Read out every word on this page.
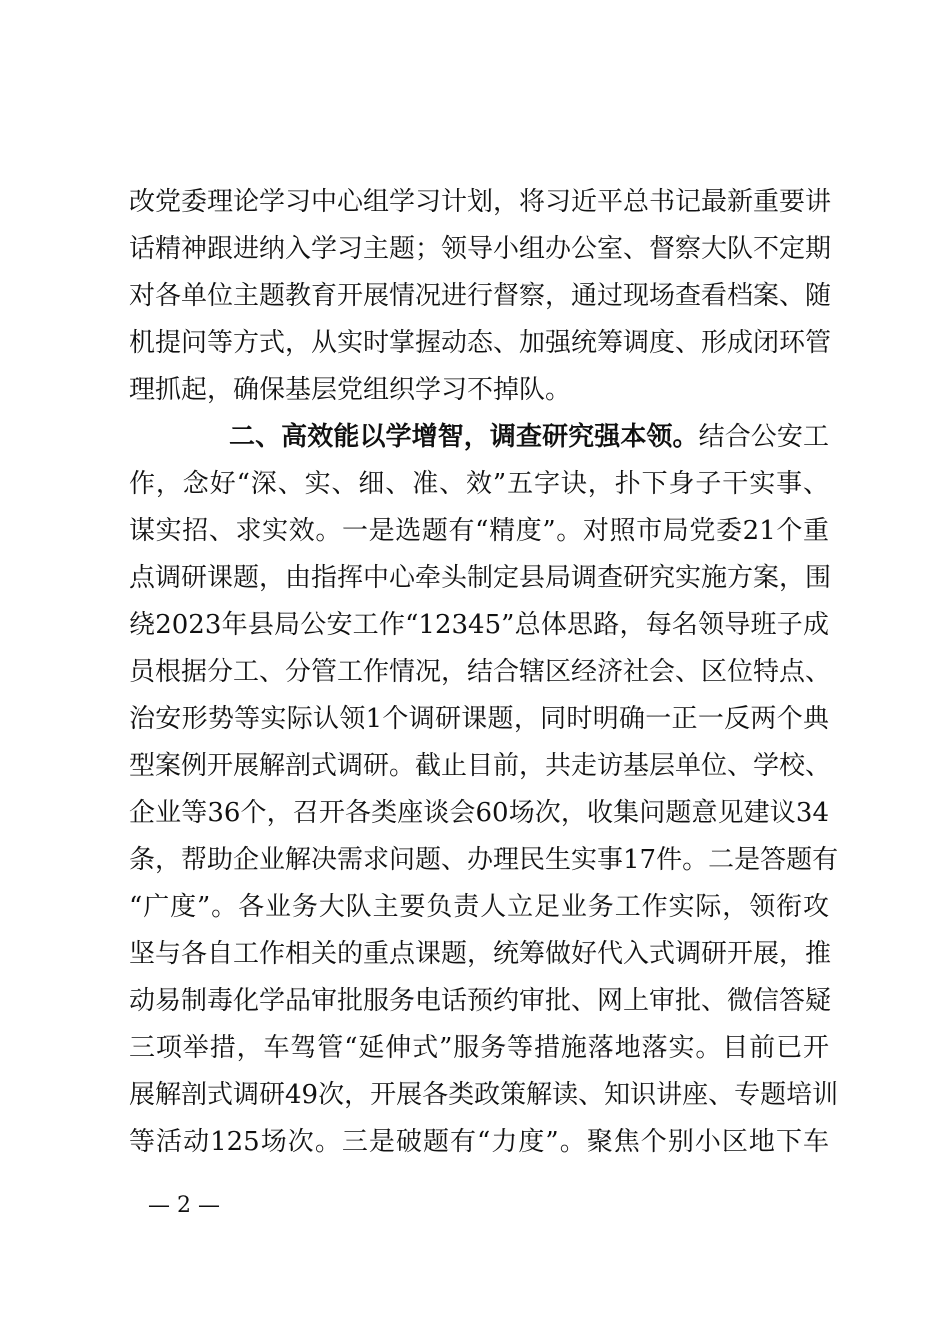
改党委理论学习中心组学习计划，将习近平总书记最新重要讲
话精神跟进纳入学习主题；领导小组办公室、督察大队不定期
对各单位主题教育开展情况进行督察，通过现场查看档案、随
机提问等方式，从实时掌握动态、加强统筹调度、形成闭环管
理抓起，确保基层党组织学习不掉队。
二、高效能以学增智，调查研究强本领。结合公安工
作，念好“深、实、细、准、效”五字诀，扑下身子干实事、
谋实招、求实效。一是选题有“精度”。对照市局党委21个重
点调研课题，由指挥中心牵头制定县局调查研究实施方案，围
绕2023年县局公安工作“12345”总体思路，每名领导班子成
员根据分工、分管工作情况，结合辖区经济社会、区位特点、
治安形势等实际认领1个调研课题，同时明确一正一反两个典
型案例开展解剖式调研。截止目前，共走访基层单位、学校、
企业等36个，召开各类座谈会60场次，收集问题意见建议34
条，帮助企业解决需求问题、办理民生实事17件。二是答题有
“广度”。各业务大队主要负责人立足业务工作实际，领衔攻
坚与各自工作相关的重点课题，统筹做好代入式调研开展，推
动易制毒化学品审批服务电话预约审批、网上审批、微信答疑
三项举措，车驾管“延伸式”服务等措施落地落实。目前已开
展解剖式调研49次，开展各类政策解读、知识讲座、专题培训
等活动125场次。三是破题有“力度”。聚焦个别小区地下车
— 2 —
